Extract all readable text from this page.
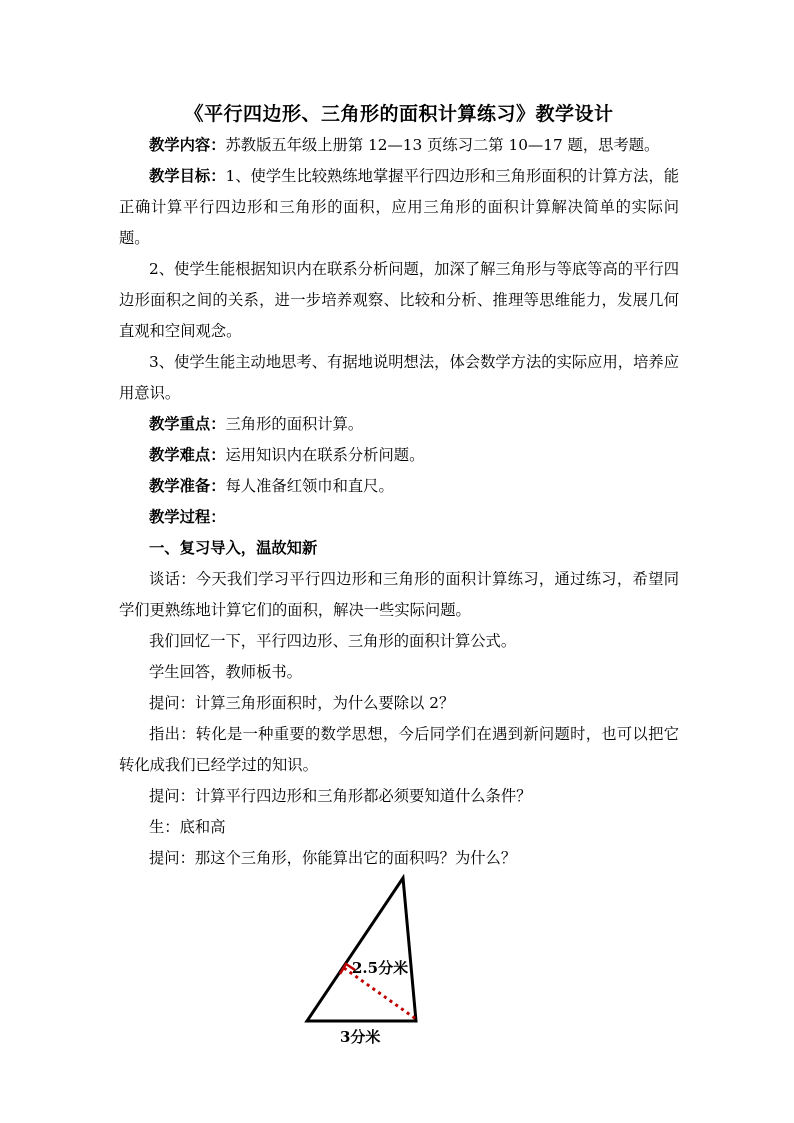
《平行四边形、三角形的面积计算练习》教学设计

教学内容：苏教版五年级上册第 12—13 页练习二第 10—17 题，思考题。

教学目标：1、使学生比较熟练地掌握平行四边形和三角形面积的计算方法，能正确计算平行四边形和三角形的面积，应用三角形的面积计算解决简单的实际问题。

2、使学生能根据知识内在联系分析问题，加深了解三角形与等底等高的平行四边形面积之间的关系，进一步培养观察、比较和分析、推理等思维能力，发展几何直观和空间观念。

3、使学生能主动地思考、有据地说明想法，体会数学方法的实际应用，培养应用意识。

教学重点：三角形的面积计算。

教学难点：运用知识内在联系分析问题。

教学准备：每人准备红领巾和直尺。

教学过程：

一、复习导入，温故知新

谈话：今天我们学习平行四边形和三角形的面积计算练习，通过练习，希望同学们更熟练地计算它们的面积，解决一些实际问题。

我们回忆一下，平行四边形、三角形的面积计算公式。

学生回答，教师板书。

提问：计算三角形面积时，为什么要除以 2？

指出：转化是一种重要的数学思想，今后同学们在遇到新问题时，也可以把它转化成我们已经学过的知识。

提问：计算平行四边形和三角形都必须要知道什么条件？

生：底和高

提问：那这个三角形，你能算出它的面积吗？为什么？

2.5分米
3分米
